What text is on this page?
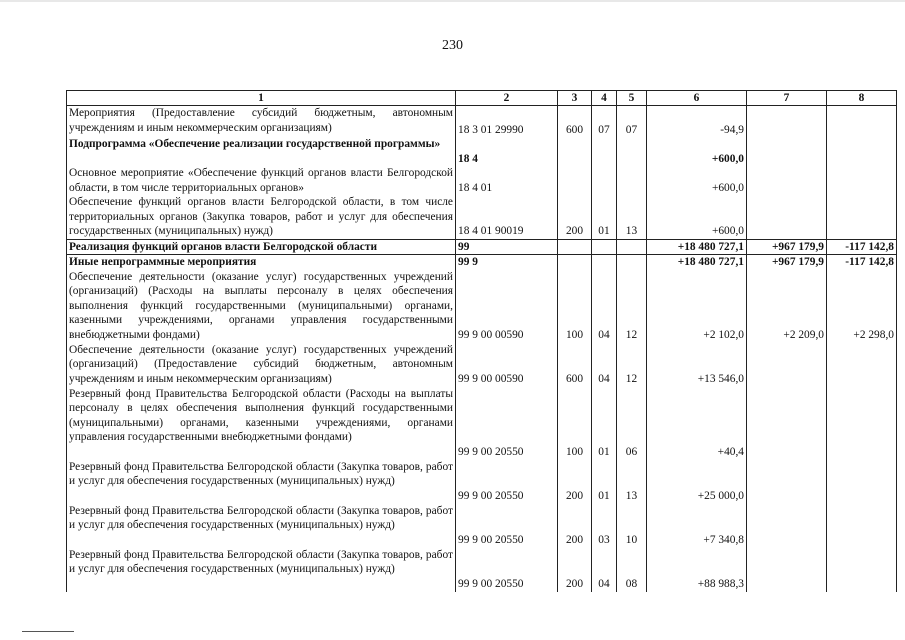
230
1	2	3	4	5	6	7	8

Мероприятия (Предоставление субсидий бюджетным, автономным учреждениям и иным некоммерческим организациям)	18 3 01 29990	600	07	07	-94,9		

Подпрограмма «Обеспечение реализации государственной программы»	18 4				+600,0		

Основное мероприятие «Обеспечение функций органов власти Белгородской области, в том числе территориальных органов»	18 4 01				+600,0		

Обеспечение функций органов власти Белгородской области, в том числе территориальных органов (Закупка товаров, работ и услуг для обеспечения государственных (муниципальных) нужд)	18 4 01 90019	200	01	13	+600,0		

Реализация функций органов власти Белгородской области	99				+18 480 727,1	+967 179,9	-117 142,8

Иные непрограммные мероприятия	99 9				+18 480 727,1	+967 179,9	-117 142,8

Обеспечение деятельности (оказание услуг) государственных учреждений (организаций) (Расходы на выплаты персоналу в целях обеспечения выполнения функций государственными (муниципальными) органами, казенными учреждениями, органами управления государственными внебюджетными фондами)	99 9 00 00590	100	04	12	+2 102,0	+2 209,0	+2 298,0

Обеспечение деятельности (оказание услуг) государственных учреждений (организаций) (Предоставление субсидий бюджетным, автономным учреждениям и иным некоммерческим организациям)	99 9 00 00590	600	04	12	+13 546,0		

Резервный фонд Правительства Белгородской области (Расходы на выплаты персоналу в целях обеспечения выполнения функций государственными (муниципальными) органами, казенными учреждениями, органами управления государственными внебюджетными фондами)	99 9 00 20550	100	01	06	+40,4		

Резервный фонд Правительства Белгородской области (Закупка товаров, работ и услуг для обеспечения государственных (муниципальных) нужд)	99 9 00 20550	200	01	13	+25 000,0		

Резервный фонд Правительства Белгородской области (Закупка товаров, работ и услуг для обеспечения государственных (муниципальных) нужд)	99 9 00 20550	200	03	10	+7 340,8		

Резервный фонд Правительства Белгородской области (Закупка товаров, работ и услуг для обеспечения государственных (муниципальных) нужд)	99 9 00 20550	200	04	08	+88 988,3		
